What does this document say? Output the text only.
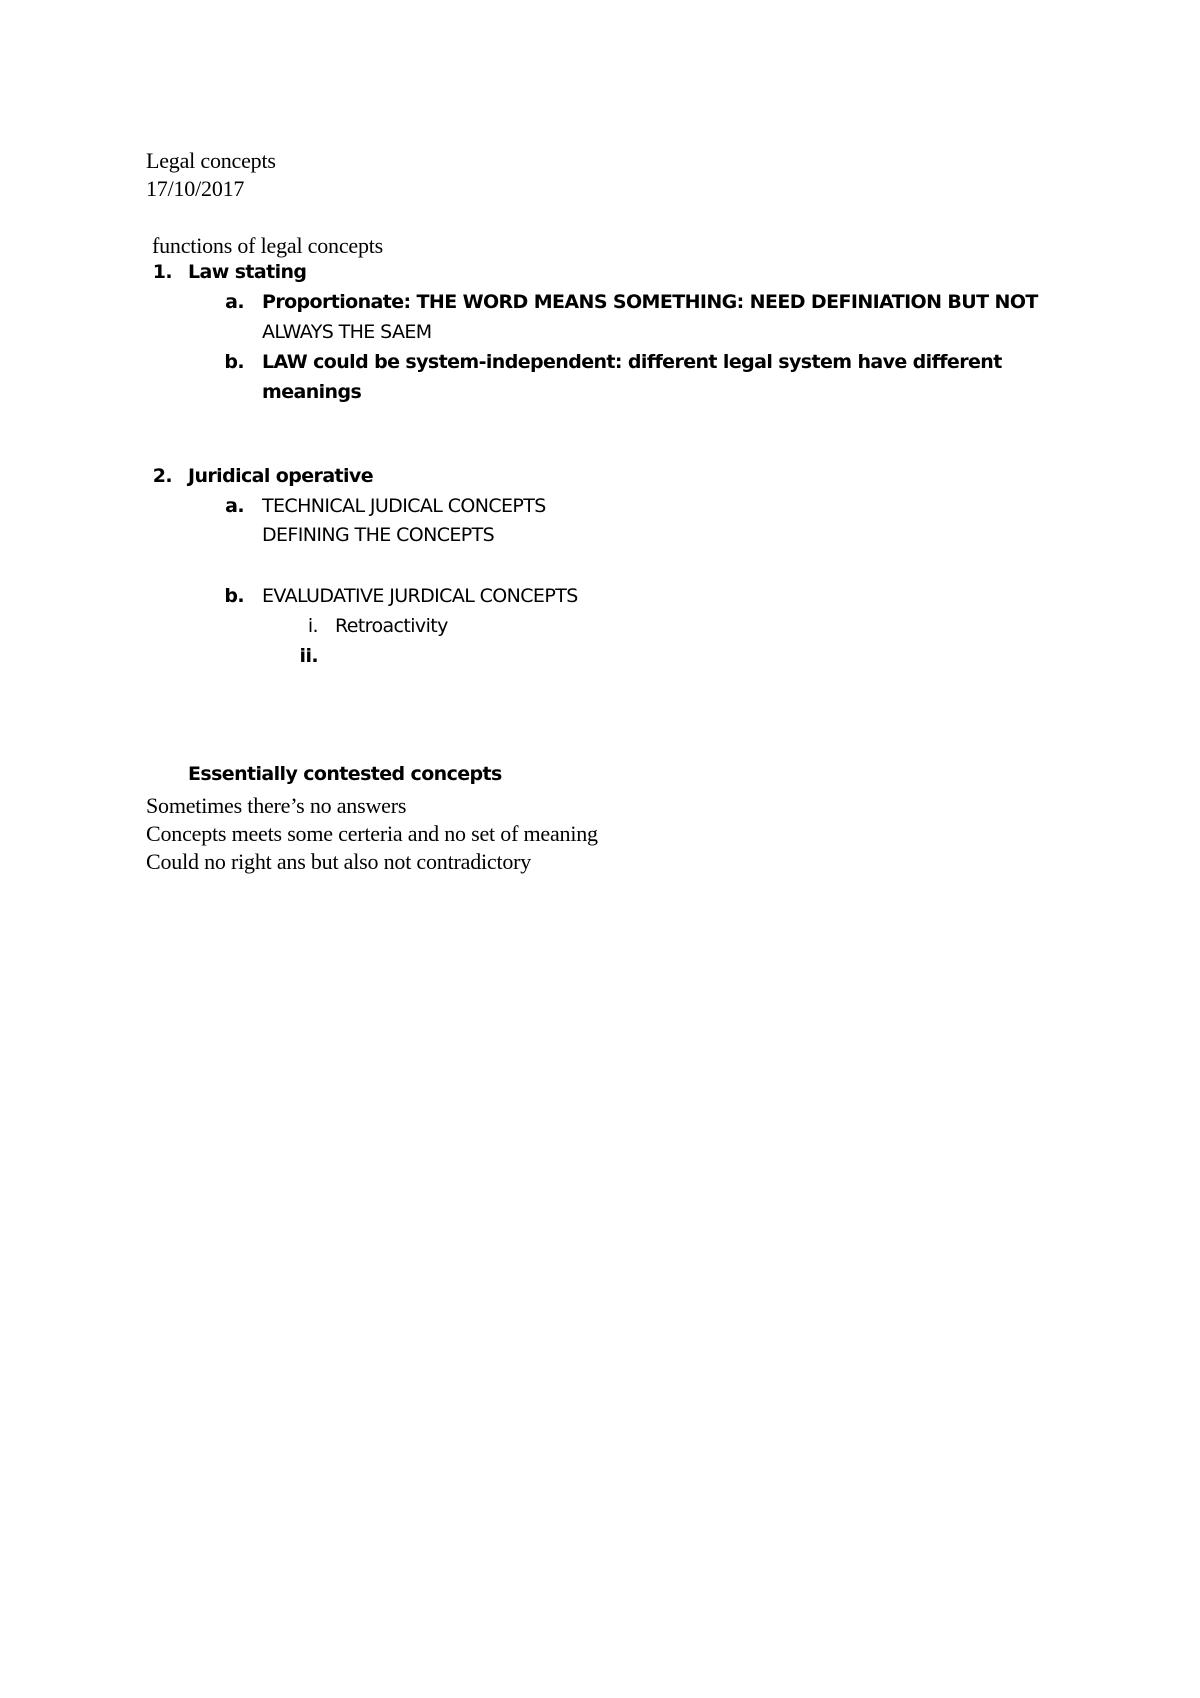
Legal concepts
17/10/2017
functions of legal concepts
1. Law stating
a. Proportionate: THE WORD MEANS SOMETHING: NEED DEFINIATION BUT NOT
ALWAYS THE SAEM
b. LAW could be system-independent: different legal system have different
meanings
2. Juridical operative
a. TECHNICAL JUDICAL CONCEPTS
DEFINING THE CONCEPTS
b. EVALUDATIVE JURDICAL CONCEPTS
i. Retroactivity
ii.
Essentially contested concepts
Sometimes there’s no answers
Concepts meets some certeria and no set of meaning
Could no right ans but also not contradictory
